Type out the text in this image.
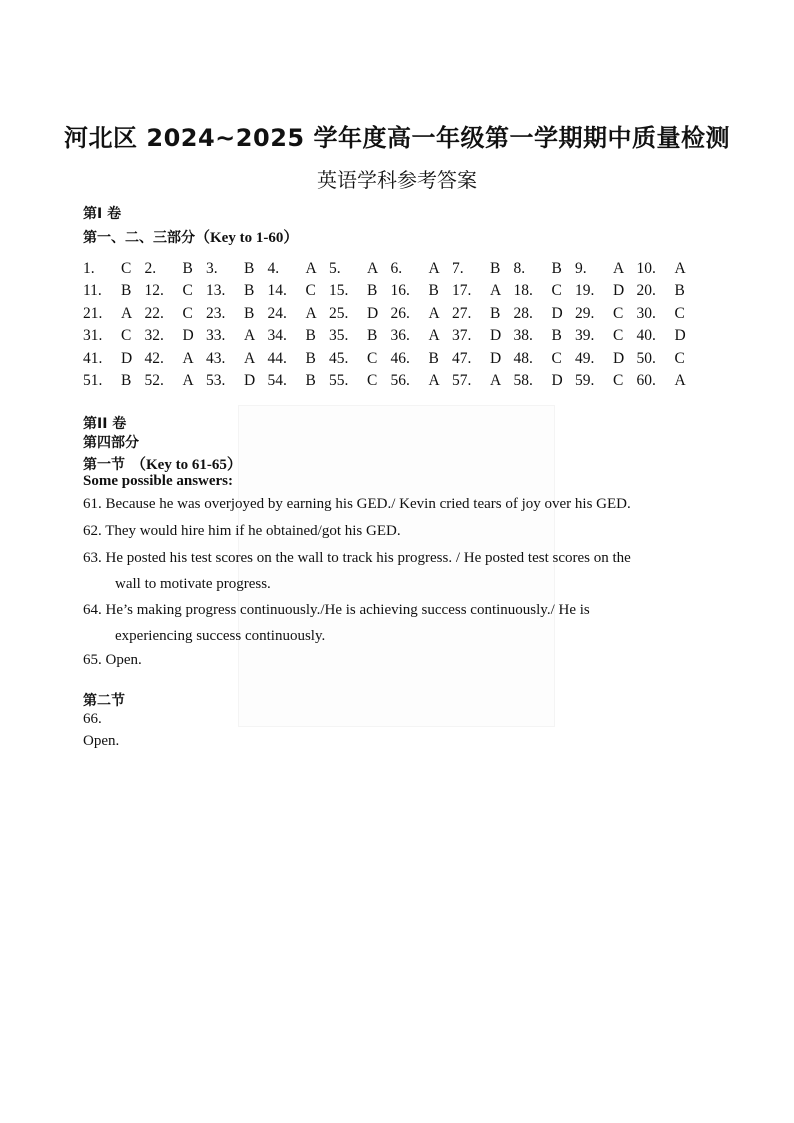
河北区 2024~2025 学年度高一年级第一学期期中质量检测
英语学科参考答案
第I 卷
第一、二、三部分（Key to 1-60）
1. C 2. B 3. B 4. A 5. A 6. A 7. B 8. B 9. A 10. A
11. B 12. C 13. B 14. C 15. B 16. B 17. A 18. C 19. D 20. B
21. A 22. C 23. B 24. A 25. D 26. A 27. B 28. D 29. C 30. C
31. C 32. D 33. A 34. B 35. B 36. A 37. D 38. B 39. C 40. D
41. D 42. A 43. A 44. B 45. C 46. B 47. D 48. C 49. D 50. C
51. B 52. A 53. D 54. B 55. C 56. A 57. A 58. D 59. C 60. A
第II 卷
第四部分
第一节 （Key to 61-65）
Some possible answers:
61. Because he was overjoyed by earning his GED./ Kevin cried tears of joy over his GED.
62. They would hire him if he obtained/got his GED.
63. He posted his test scores on the wall to track his progress. / He posted test scores on the
wall to motivate progress.
64. He’s making progress continuously./He is achieving success continuously./ He is
experiencing success continuously.
65. Open.
第二节
66.
Open.
